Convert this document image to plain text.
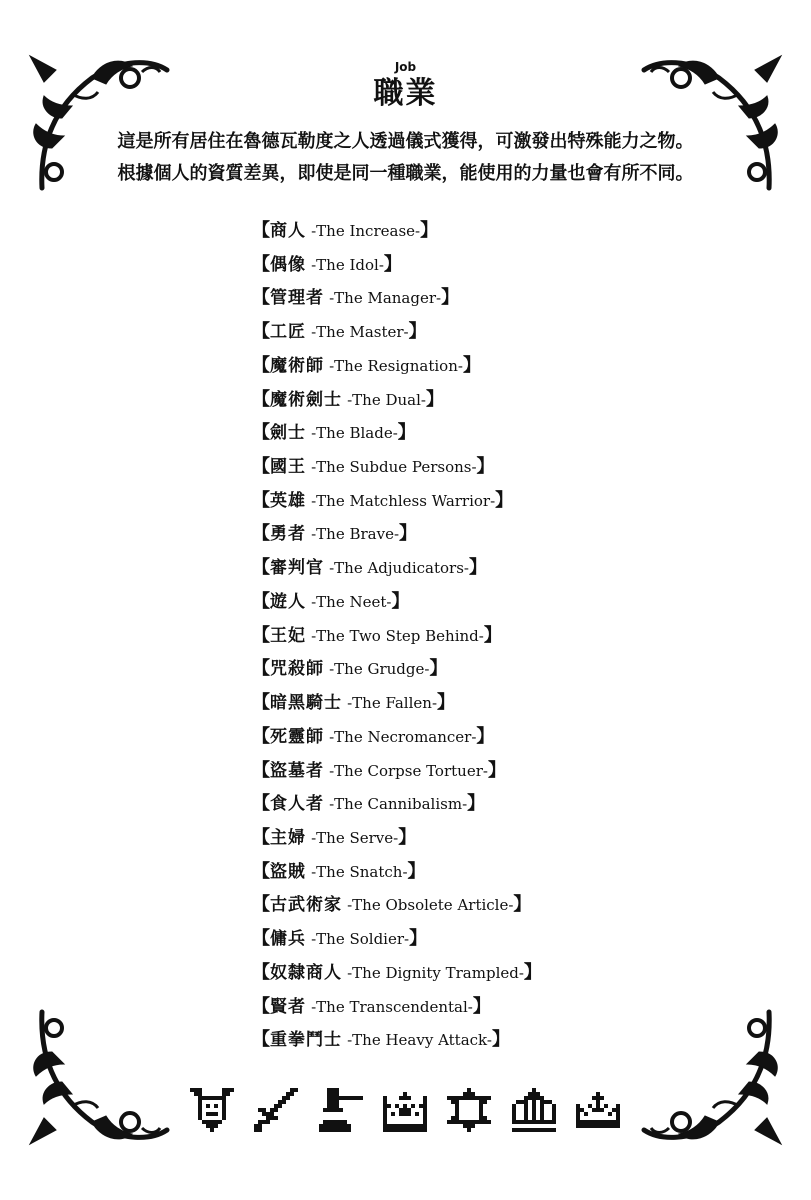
Job
職業

這是所有居住在魯德瓦勒度之人透過儀式獲得，可激發出特殊能力之物。

根據個人的資質差異，即使是同一種職業，能使用的力量也會有所不同。

【商人 -The Increase-】
【偶像 -The Idol-】
【管理者 -The Manager-】
【工匠 -The Master-】
【魔術師 -The Resignation-】
【魔術劍士 -The Dual-】
【劍士 -The Blade-】
【國王 -The Subdue Persons-】
【英雄 -The Matchless Warrior-】
【勇者 -The Brave-】
【審判官 -The Adjudicators-】
【遊人 -The Neet-】
【王妃 -The Two Step Behind-】
【咒殺師 -The Grudge-】
【暗黑騎士 -The Fallen-】
【死靈師 -The Necromancer-】
【盜墓者 -The Corpse Tortuer-】
【食人者 -The Cannibalism-】
【主婦 -The Serve-】
【盜賊 -The Snatch-】
【古武術家 -The Obsolete Article-】
【傭兵 -The Soldier-】
【奴隸商人 -The Dignity Trampled-】
【賢者 -The Transcendental-】
【重拳鬥士 -The Heavy Attack-】
